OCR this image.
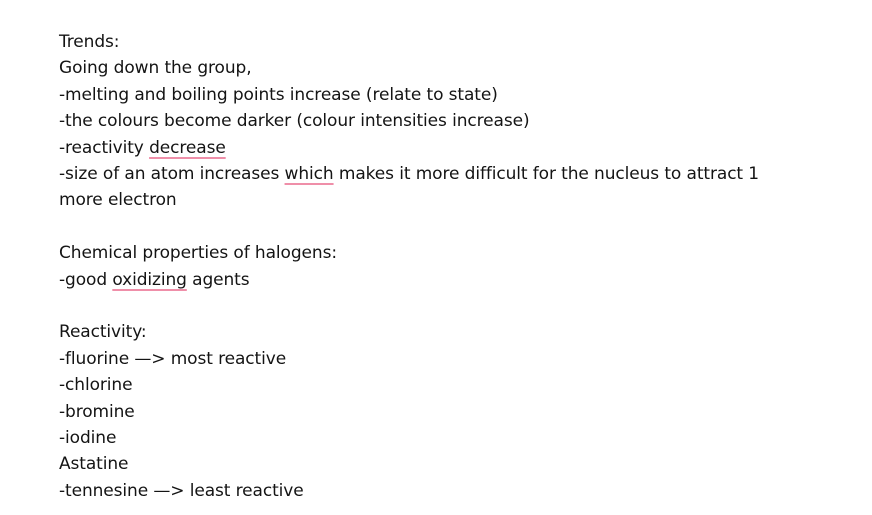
Trends:
Going down the group,
-melting and boiling points increase (relate to state)
-the colours become darker (colour intensities increase)
-reactivity decrease
-size of an atom increases which makes it more difficult for the nucleus to attract 1
more electron
Chemical properties of halogens:
-good oxidizing agents
Reactivity:
-fluorine —> most reactive
-chlorine
-bromine
-iodine
Astatine
-tennesine —> least reactive
